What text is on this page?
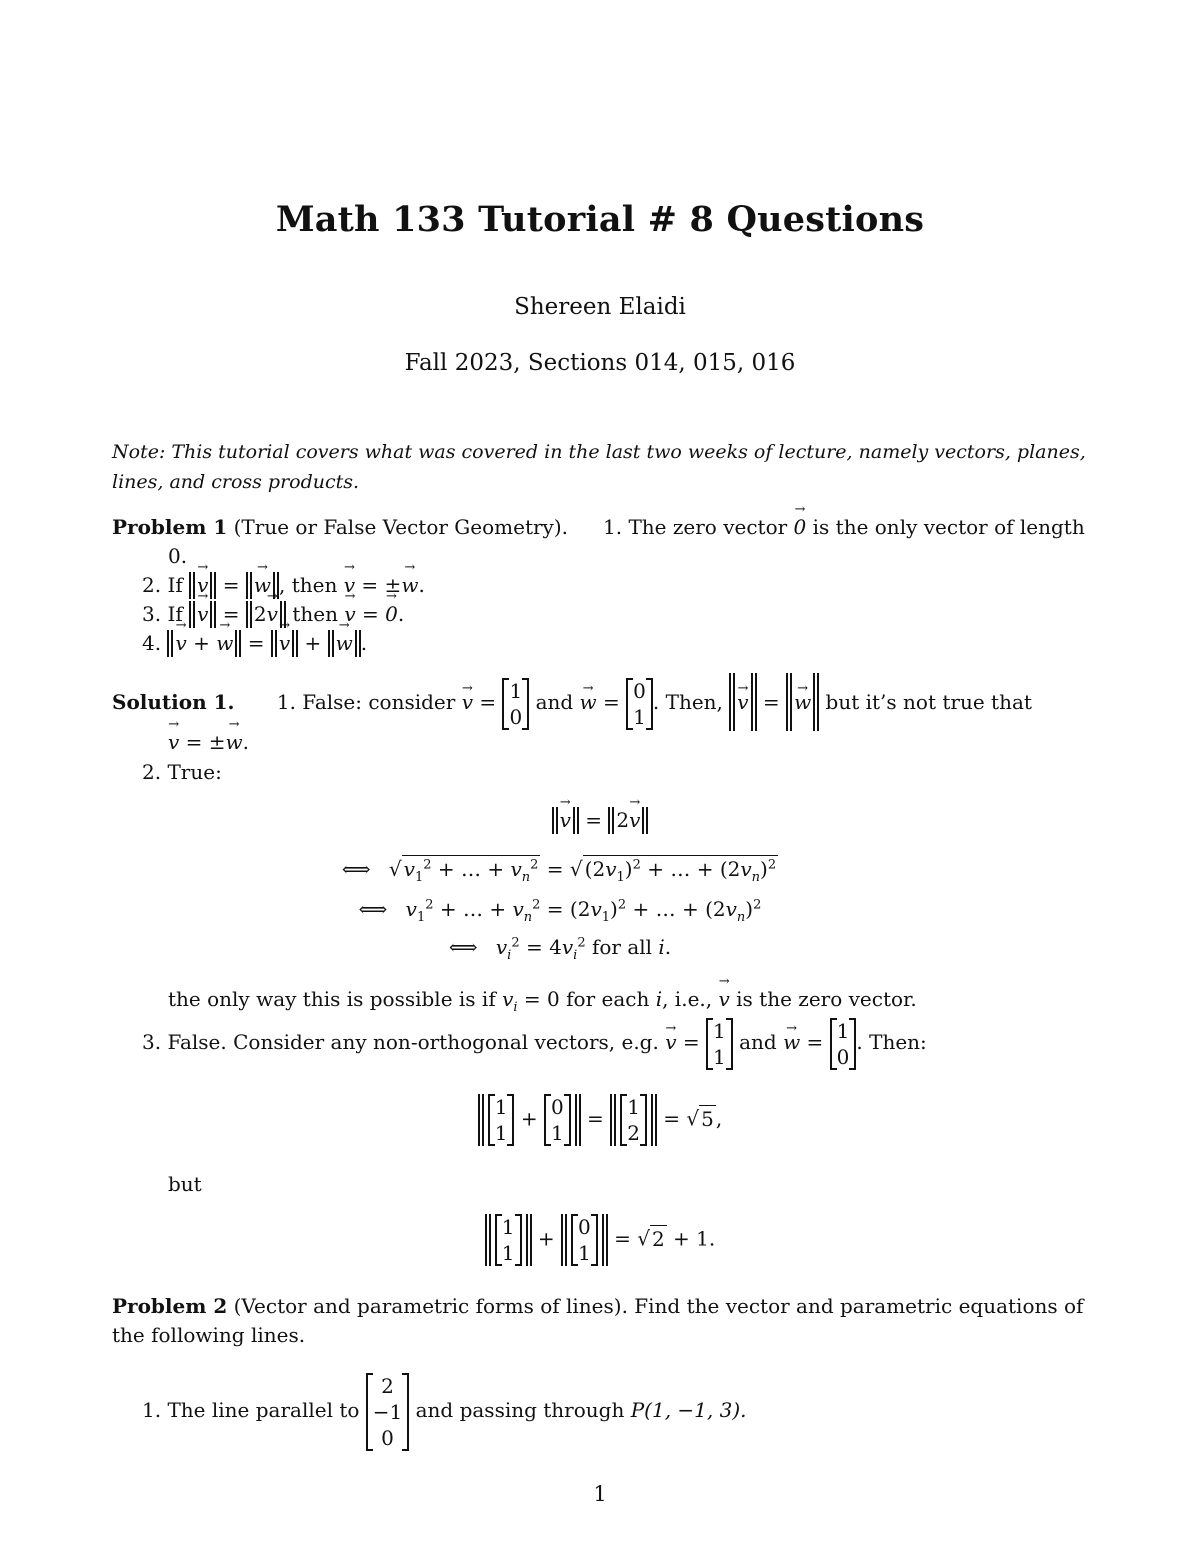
Math 133 Tutorial # 8 Questions
Shereen Elaidi
Fall 2023, Sections 014, 015, 016
Note: This tutorial covers what was covered in the last two weeks of lecture, namely vectors, planes, lines, and cross products.
Problem 1 (True or False Vector Geometry). 1. The zero vector → 0 is the only vector of length
0.
2. If → v = → w , then → v = ±→ w.
3. If → v = 2→ v then → v = → 0.
4. → v + → w = → v + → w .
Solution 1. 1. False: consider → v = 1
0
and → w = 0
1
. Then, → v = → w but it’s not true that
→ v = ±→ w.
2. True:
→ v = 2→ v
⟺ √ $v_1^2$ + … + $v_n^2$ = √ $(2v_1)^2$ + … + $(2v_n)^2$
⟺ $v_1^2$ + … + $v_n^2 = (2v_1)^2$ + … + $(2v_n)^2$
⟺ $v_i^2 = 4v_i^2$ for all i.
the only way this is possible is if $v_i = 0$ for each i, i.e., → v is the zero vector.
3. False. Consider any non-orthogonal vectors, e.g. → v = 1
1
and → w = 1
0
. Then:
1
1
+ 0
1
= 1
2
= √ 5 ,
but
1
1
+ 0
1
= √ 2 + 1.
Problem 2 (Vector and parametric forms of lines). Find the vector and parametric equations of
the following lines.
1. The line parallel to
2
−1
0
and passing through P(1, −1, 3).
1
